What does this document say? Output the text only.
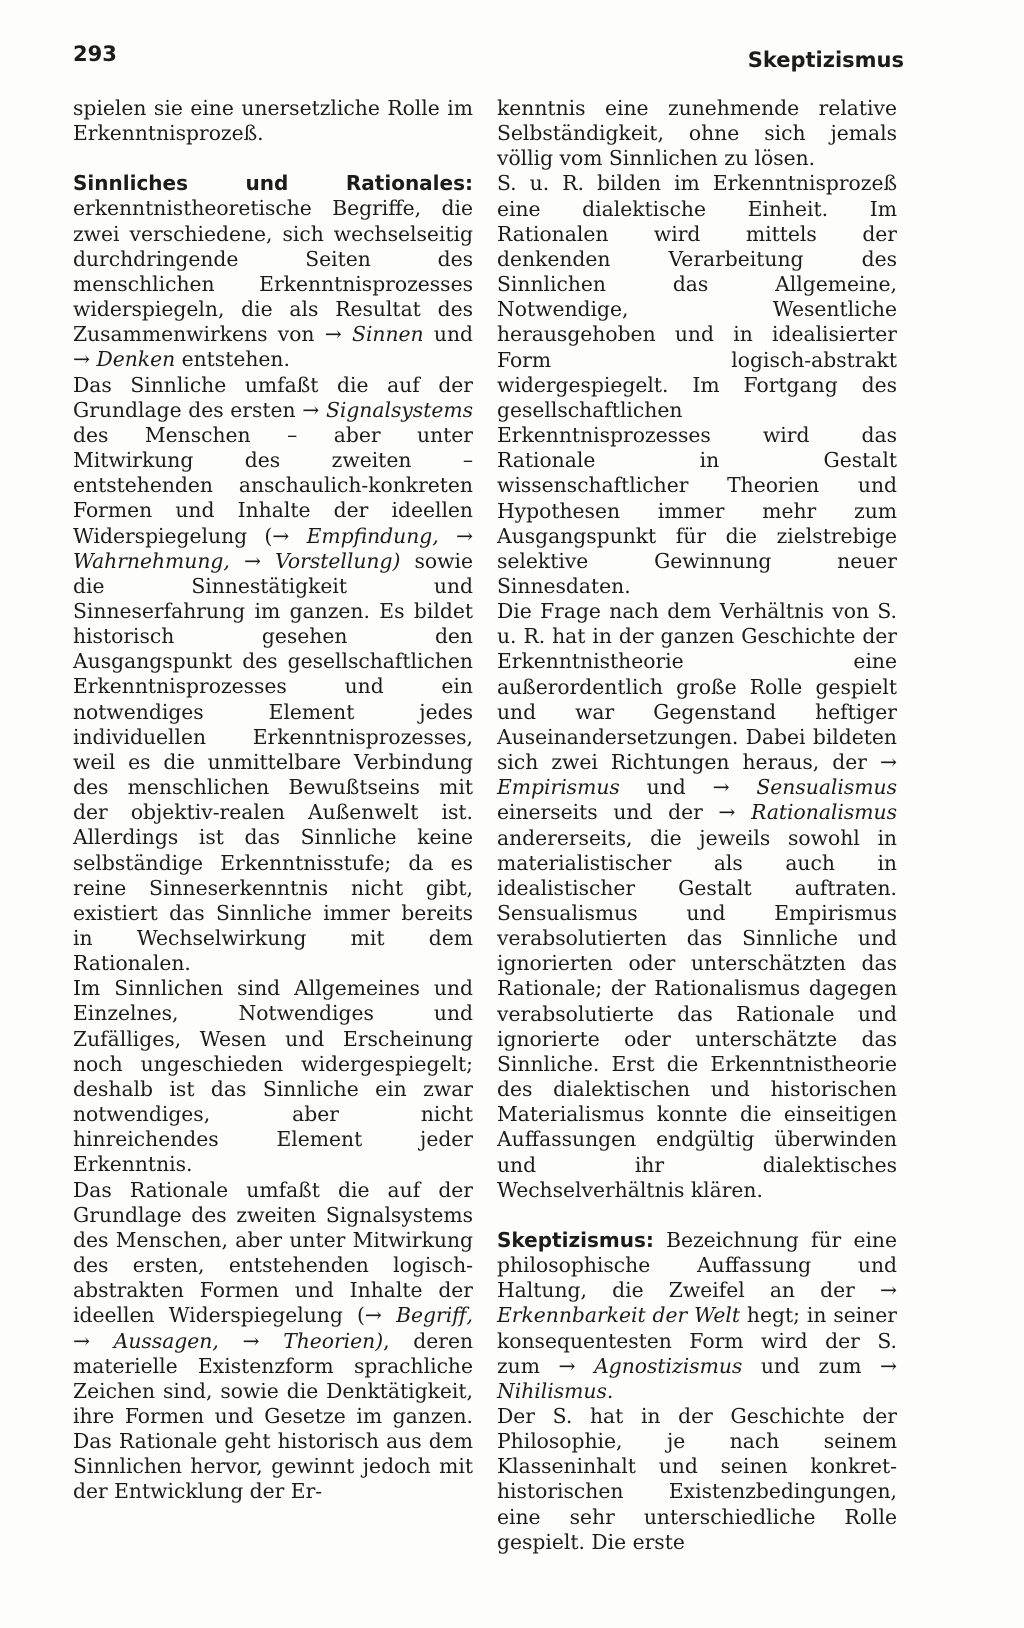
293	Skeptizismus

spielen sie eine unersetzliche Rolle im Erkenntnisprozeß.

Sinnliches und Rationales: erkenntnistheoretische Begriffe, die zwei verschiedene, sich wechselseitig durchdringende Seiten des menschlichen Erkenntnisprozesses widerspiegeln, die als Resultat des Zusammenwirkens von → Sinnen und → Denken entstehen.

Das Sinnliche umfaßt die auf der Grundlage des ersten → Signalsystems des Menschen – aber unter Mitwirkung des zweiten – entstehenden anschaulich-konkreten Formen und Inhalte der ideellen Widerspiegelung (→ Empfindung, → Wahrnehmung, → Vorstellung) sowie die Sinnestätigkeit und Sinneserfahrung im ganzen. Es bildet historisch gesehen den Ausgangspunkt des gesellschaftlichen Erkenntnisprozesses und ein notwendiges Element jedes individuellen Erkenntnisprozesses, weil es die unmittelbare Verbindung des menschlichen Bewußtseins mit der objektiv-realen Außenwelt ist. Allerdings ist das Sinnliche keine selbständige Erkenntnisstufe; da es reine Sinneserkenntnis nicht gibt, existiert das Sinnliche immer bereits in Wechselwirkung mit dem Rationalen.

Im Sinnlichen sind Allgemeines und Einzelnes, Notwendiges und Zufälliges, Wesen und Erscheinung noch ungeschieden widergespiegelt; deshalb ist das Sinnliche ein zwar notwendiges, aber nicht hinreichendes Element jeder Erkenntnis.

Das Rationale umfaßt die auf der Grundlage des zweiten Signalsystems des Menschen, aber unter Mitwirkung des ersten, entstehenden logisch-abstrakten Formen und Inhalte der ideellen Widerspiegelung (→ Begriff, → Aussagen, → Theorien), deren materielle Existenzform sprachliche Zeichen sind, sowie die Denktätigkeit, ihre Formen und Gesetze im ganzen. Das Rationale geht historisch aus dem Sinnlichen hervor, gewinnt jedoch mit der Entwicklung der Er-

kenntnis eine zunehmende relative Selbständigkeit, ohne sich jemals völlig vom Sinnlichen zu lösen.

S. u. R. bilden im Erkenntnisprozeß eine dialektische Einheit. Im Rationalen wird mittels der denkenden Verarbeitung des Sinnlichen das Allgemeine, Notwendige, Wesentliche herausgehoben und in idealisierter Form logisch-abstrakt widergespiegelt. Im Fortgang des gesellschaftlichen Erkenntnisprozesses wird das Rationale in Gestalt wissenschaftlicher Theorien und Hypothesen immer mehr zum Ausgangspunkt für die zielstrebige selektive Gewinnung neuer Sinnesdaten.

Die Frage nach dem Verhältnis von S. u. R. hat in der ganzen Geschichte der Erkenntnistheorie eine außerordentlich große Rolle gespielt und war Gegenstand heftiger Auseinandersetzungen. Dabei bildeten sich zwei Richtungen heraus, der → Empirismus und → Sensualismus einerseits und der → Rationalismus andererseits, die jeweils sowohl in materialistischer als auch in idealistischer Gestalt auftraten. Sensualismus und Empirismus verabsolutierten das Sinnliche und ignorierten oder unterschätzten das Rationale; der Rationalismus dagegen verabsolutierte das Rationale und ignorierte oder unterschätzte das Sinnliche. Erst die Erkenntnistheorie des dialektischen und historischen Materialismus konnte die einseitigen Auffassungen endgültig überwinden und ihr dialektisches Wechselverhältnis klären.

Skeptizismus: Bezeichnung für eine philosophische Auffassung und Haltung, die Zweifel an der → Erkennbarkeit der Welt hegt; in seiner konsequentesten Form wird der S. zum → Agnostizismus und zum → Nihilismus.

Der S. hat in der Geschichte der Philosophie, je nach seinem Klasseninhalt und seinen konkret-historischen Existenzbedingungen, eine sehr unterschiedliche Rolle gespielt. Die erste
